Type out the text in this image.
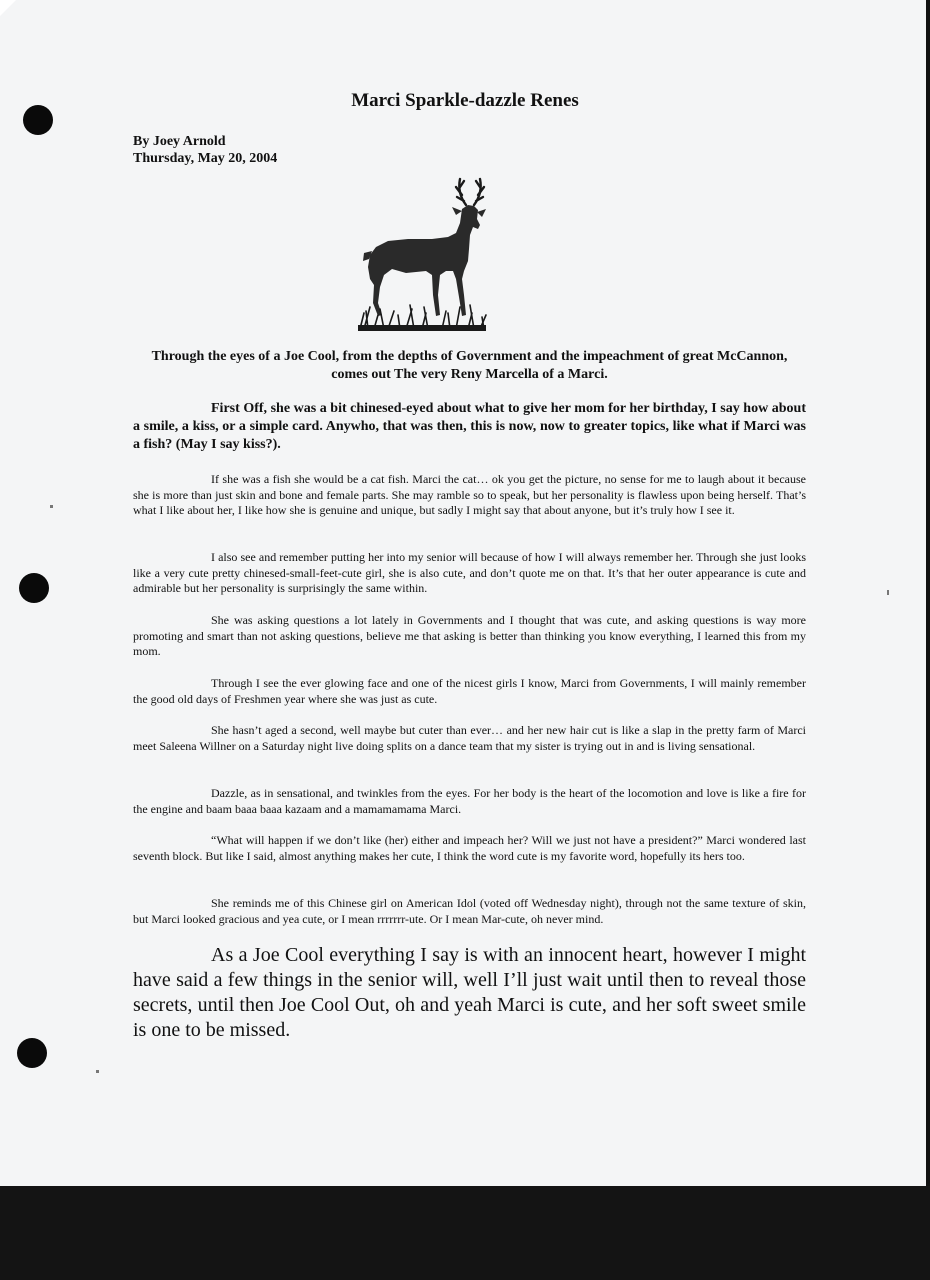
Marci Sparkle-dazzle Renes
By Joey Arnold
Thursday, May 20, 2004
Through the eyes of a Joe Cool, from the depths of Government and the impeachment of great McCannon, comes out The very Reny Marcella of a Marci.
First Off, she was a bit chinesed-eyed about what to give her mom for her birthday, I say how about a smile, a kiss, or a simple card. Anywho, that was then, this is now, now to greater topics, like what if Marci was a fish? (May I say kiss?).
If she was a fish she would be a cat fish. Marci the cat… ok you get the picture, no sense for me to laugh about it because she is more than just skin and bone and female parts. She may ramble so to speak, but her personality is flawless upon being herself. That’s what I like about her, I like how she is genuine and unique, but sadly I might say that about anyone, but it’s truly how I see it.
I also see and remember putting her into my senior will because of how I will always remember her. Through she just looks like a very cute pretty chinesed-small-feet-cute girl, she is also cute, and don’t quote me on that. It’s that her outer appearance is cute and admirable but her personality is surprisingly the same within.
She was asking questions a lot lately in Governments and I thought that was cute, and asking questions is way more promoting and smart than not asking questions, believe me that asking is better than thinking you know everything, I learned this from my mom.
Through I see the ever glowing face and one of the nicest girls I know, Marci from Governments, I will mainly remember the good old days of Freshmen year where she was just as cute.
She hasn’t aged a second, well maybe but cuter than ever… and her new hair cut is like a slap in the pretty farm of Marci meet Saleena Willner on a Saturday night live doing splits on a dance team that my sister is trying out in and is living sensational.
Dazzle, as in sensational, and twinkles from the eyes. For her body is the heart of the locomotion and love is like a fire for the engine and baam baaa baaa kazaam and a mamamamama Marci.
“What will happen if we don’t like (her) either and impeach her? Will we just not have a president?” Marci wondered last seventh block. But like I said, almost anything makes her cute, I think the word cute is my favorite word, hopefully its hers too.
She reminds me of this Chinese girl on American Idol (voted off Wednesday night), through not the same texture of skin, but Marci looked gracious and yea cute, or I mean rrrrrrr-ute. Or I mean Mar-cute, oh never mind.
As a Joe Cool everything I say is with an innocent heart, however I might have said a few things in the senior will, well I’ll just wait until then to reveal those secrets, until then Joe Cool Out, oh and yeah Marci is cute, and her soft sweet smile is one to be missed.
